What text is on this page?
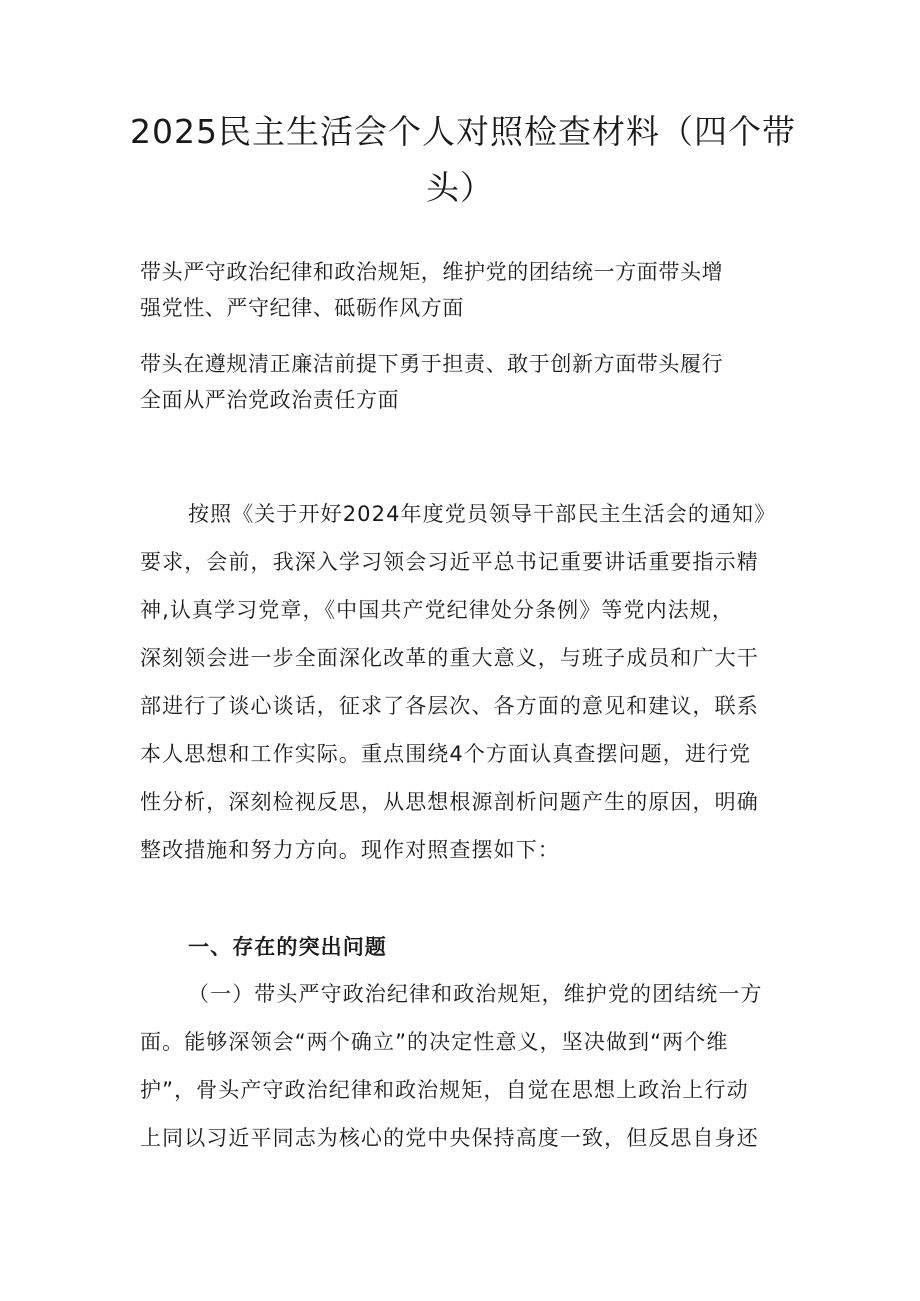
2025民主生活会个人对照检查材料（四个带
头）
带头严守政治纪律和政治规矩，维护党的团结统一方面带头增
强党性、严守纪律、砥砺作风方面
带头在遵规清正廉洁前提下勇于担责、敢于创新方面带头履行
全面从严治党政治责任方面

按照《关于开好2024年度党员领导干部民主生活会的通知》
要求，会前，我深入学习领会习近平总书记重要讲话重要指示精
神,认真学习党章，《中国共产党纪律处分条例》等党内法规，
深刻领会进一步全面深化改革的重大意义，与班子成员和广大干
部进行了谈心谈话，征求了各层次、各方面的意见和建议，联系
本人思想和工作实际。重点围绕4个方面认真查摆问题，进行党
性分析，深刻检视反思，从思想根源剖析问题产生的原因，明确
整改措施和努力方向。现作对照查摆如下：

一、存在的突出问题

（一）带头严守政治纪律和政治规矩，维护党的团结统一方
面。能够深领会“两个确立”的决定性意义，坚决做到“两个维
护”，骨头产守政治纪律和政治规矩，自觉在思想上政治上行动
上同以习近平同志为核心的党中央保持高度一致，但反思自身还
